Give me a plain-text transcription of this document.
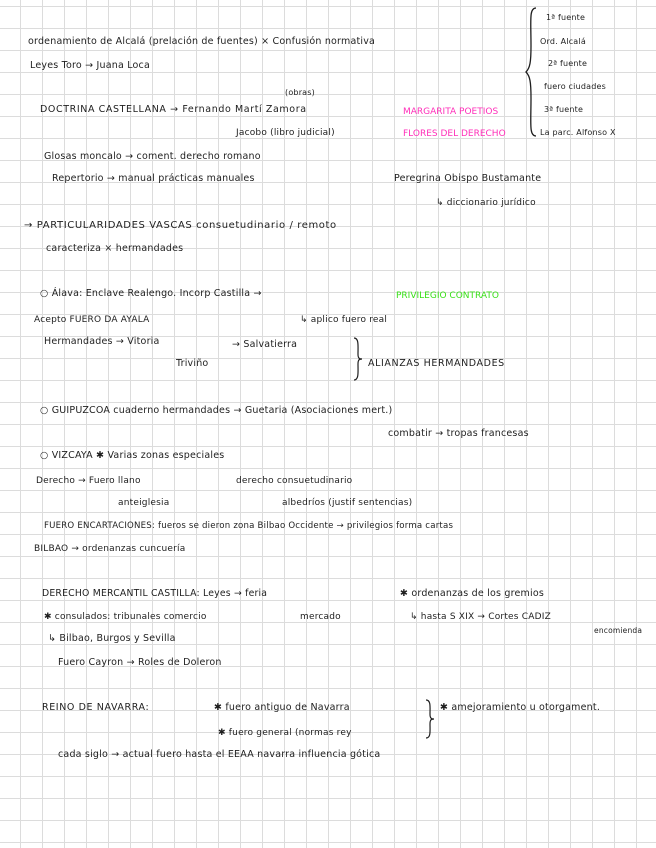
ordenamiento de Alcalá (prelación de fuentes) × Confusión normativa
Leyes Toro → Juana Loca
1ª fuente
Ord. Alcalá
2ª fuente
fuero ciudades
3ª fuente
La parc. Alfonso X
(obras)
DOCTRINA CASTELLANA → Fernando Martí Zamora	MARGARITA POETIOS
Jacobo (libro judicial)	FLORES DEL DERECHO
Glosas moncalo → coment. derecho romano
Repertorio → manual prácticas manuales	Peregrina Obispo Bustamante
↳ diccionario jurídico
→ PARTICULARIDADES VASCAS consuetudinario / remoto
caracteriza × hermandades
○ Álava: Enclave Realengo. Incorp Castilla →	PRIVILEGIO CONTRATO
Acepto FUERO DA AYALA	↳ aplico fuero real
Hermandades → Vitoria	→ Salvatierra
Triviño	ALIANZAS HERMANDADES
○ GUIPUZCOA cuaderno hermandades → Guetaria (Asociaciones mert.)
combatir → tropas francesas
○ VIZCAYA ✱ Varias zonas especiales
Derecho → Fuero llano	derecho consuetudinario
anteiglesia	albedríos (justif sentencias)
FUERO ENCARTACIONES: fueros se dieron zona Bilbao Occidente → privilegios forma cartas
BILBAO → ordenanzas cuncuería
DERECHO MERCANTIL CASTILLA: Leyes → feria	✱ ordenanzas de los gremios
✱ consulados: tribunales comercio	mercado	↳ hasta S XIX → Cortes CADIZ
encomienda
↳ Bilbao, Burgos y Sevilla
Fuero Cayron → Roles de Doleron
REINO DE NAVARRA:	✱ fuero antiguo de Navarra	✱ amejoramiento u otorgament.
✱ fuero general (normas rey
cada siglo → actual fuero hasta el EEAA navarra influencia gótica
